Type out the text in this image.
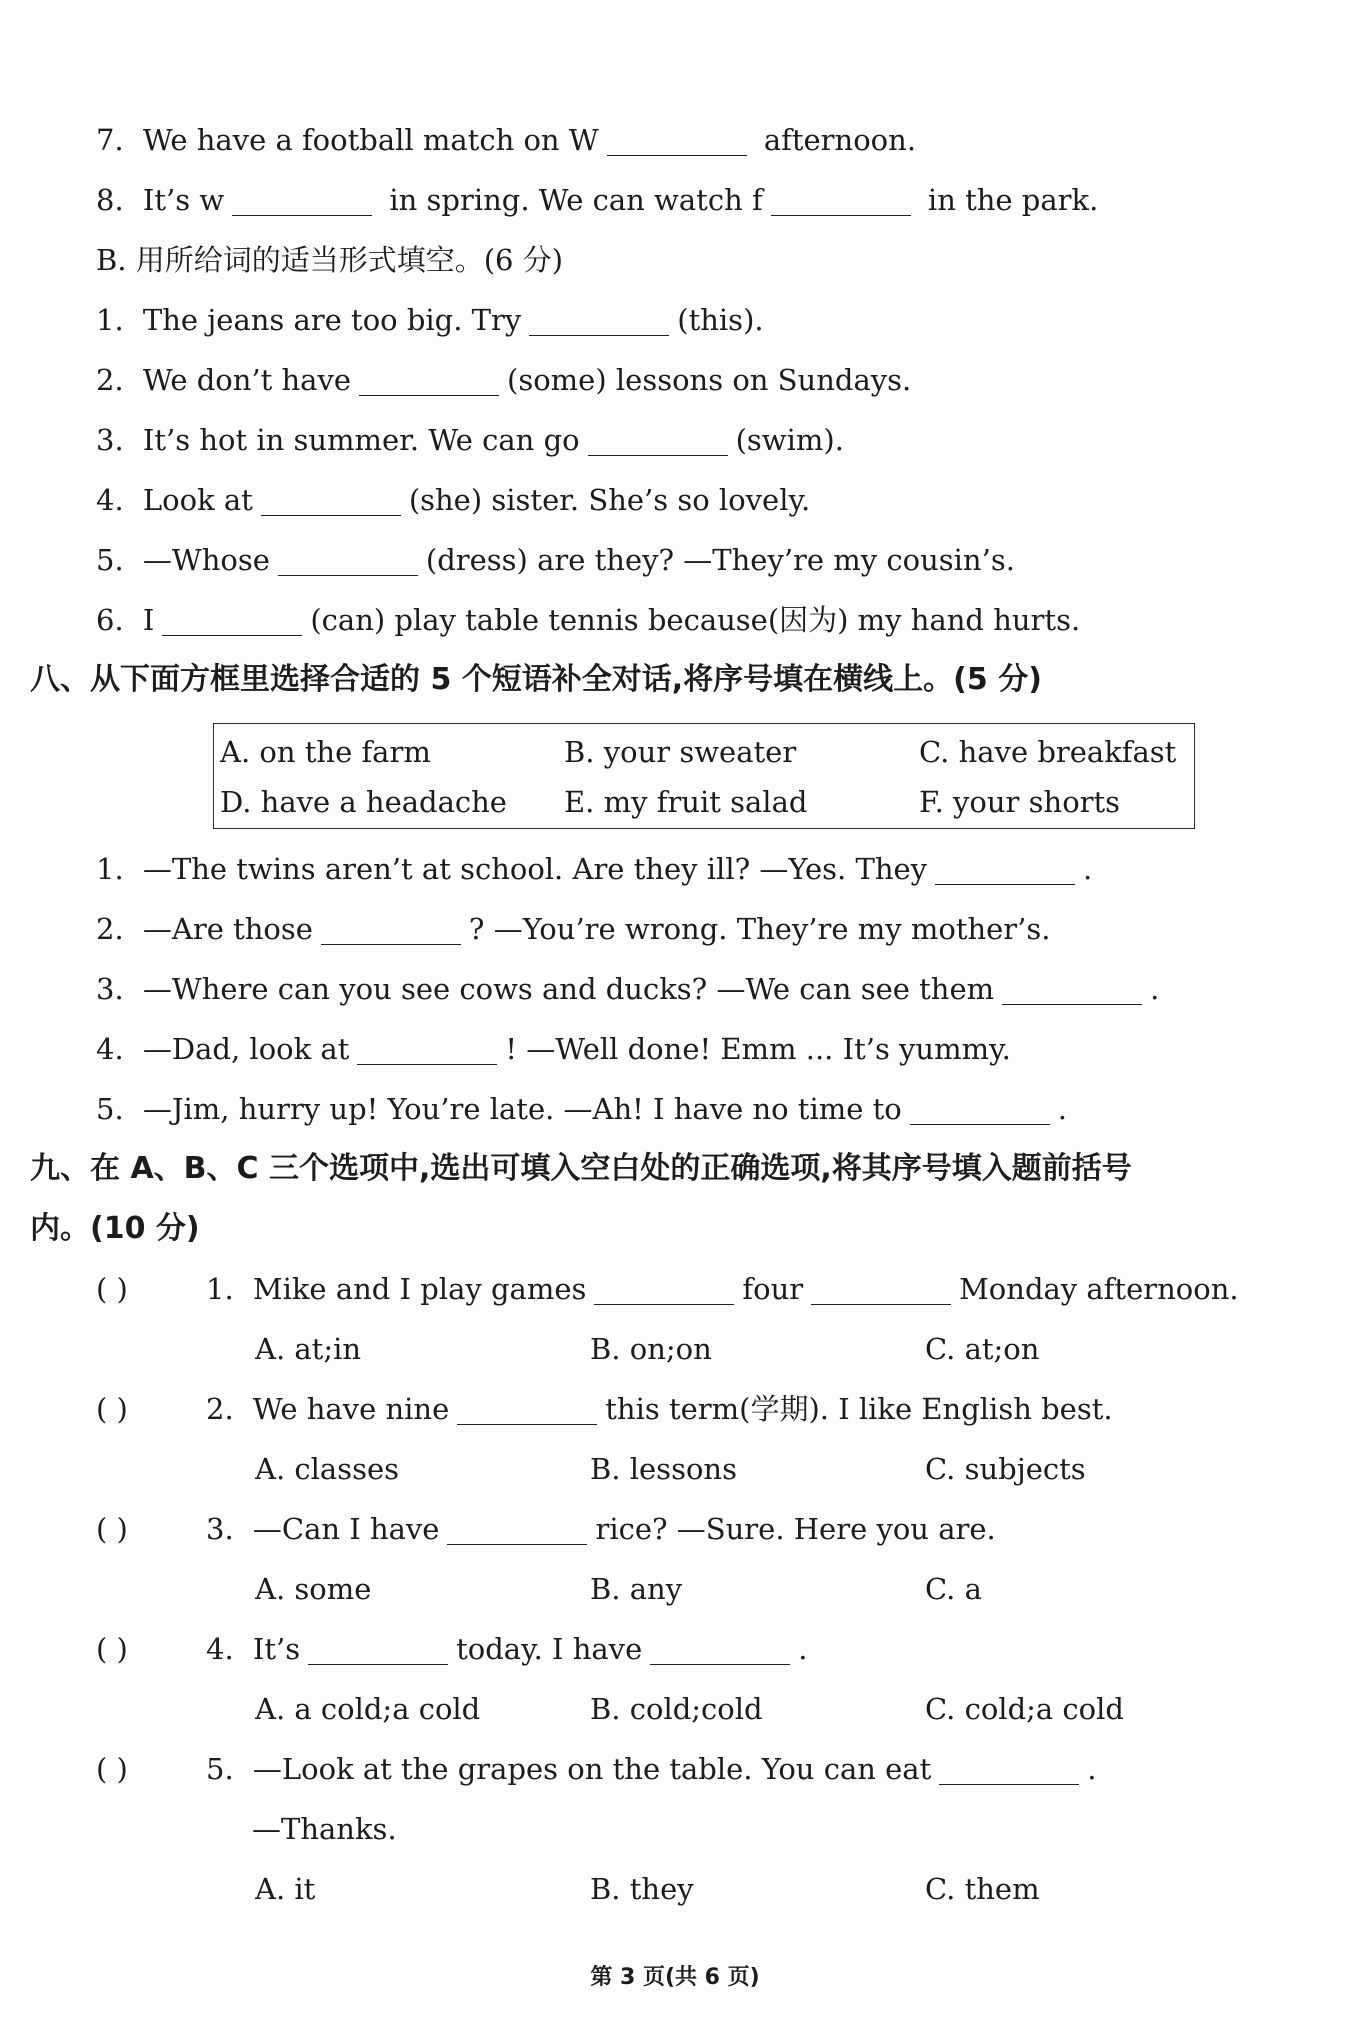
7. We have a football match on W	afternoon.
8. It’s w	in spring. We can watch f	in the park.
B. 用所给词的适当形式填空。(6 分)
1. The jeans are too big. Try	(this).
2. We don’t have	(some) lessons on Sundays.
3. It’s hot in summer. We can go	(swim).
4. Look at	(she) sister. She’s so lovely.
5. —Whose	(dress) are they? —They’re my cousin’s.
6. I	(can) play table tennis because(因为) my hand hurts.
八、从下面方框里选择合适的 5 个短语补全对话,将序号填在横线上。(5 分)
A. on the farm	B. your sweater	C. have breakfast
D. have a headache E. my fruit salad	F. your shorts
1. —The twins aren’t at school. Are they ill? —Yes. They	.
2. —Are those	? —You’re wrong. They’re my mother’s.
3. —Where can you see cows and ducks? —We can see them	.
4. —Dad, look at	! —Well done! Emm ... It’s yummy.
5. —Jim, hurry up! You’re late. —Ah! I have no time to	.
九、在 A、B、C 三个选项中,选出可填入空白处的正确选项,将其序号填入题前括号
内。(10 分)
( )	1. Mike and I play games	four	Monday afternoon.
A. at;in	B. on;on	C. at;on
( )	2. We have nine	this term(学期). I like English best.
A. classes	B. lessons	C. subjects
( )	3. —Can I have	rice? —Sure. Here you are.
A. some	B. any	C. a
( )	4. It’s	today. I have	.
A. a cold;a cold	B. cold;cold	C. cold;a cold
( )	5. —Look at the grapes on the table. You can eat	.
—Thanks.
A. it	B. they	C. them
第 3 页(共 6 页)
